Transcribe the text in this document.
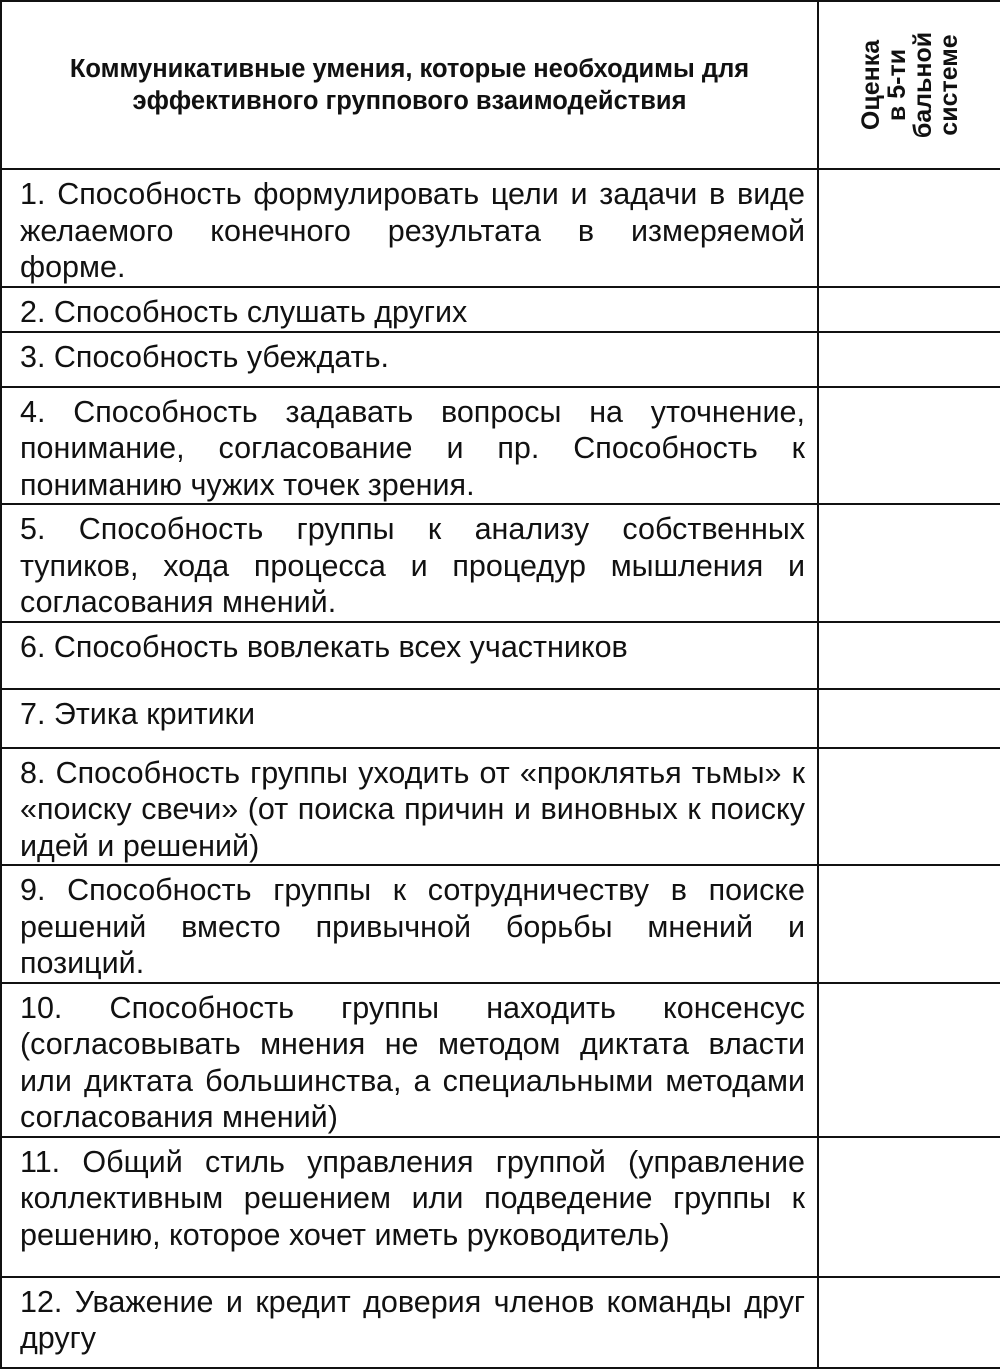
Коммуникативные умения, которые необходимы для эффективного группового взаимодействия	Оценка
в 5-ти
бальной
системе

1. Способность формулировать цели и задачи в виде желаемого конечного результата в измеряемой форме.	
2. Способность слушать других	
3. Способность убеждать.	
4. Способность задавать вопросы на уточнение, понимание, согласование и пр. Способность к пониманию чужих точек зрения.	
5. Способность группы к анализу собственных тупиков, хода процесса и процедур мышления и согласования мнений.	
6. Способность вовлекать всех участников	
7. Этика критики	
8. Способность группы уходить от «проклятья тьмы» к «поиску свечи» (от поиска причин и виновных к поиску идей и решений)	
9. Способность группы к сотрудничеству в поиске решений вместо привычной борьбы мнений и позиций.	
10. Способность группы находить консенсус (согласовывать мнения не методом диктата власти или диктата большинства, а специальными методами согласования мнений)	
11. Общий стиль управления группой (управление коллективным решением или подведение группы к решению, которое хочет иметь руководитель)	
12. Уважение и кредит доверия членов команды друг другу	
